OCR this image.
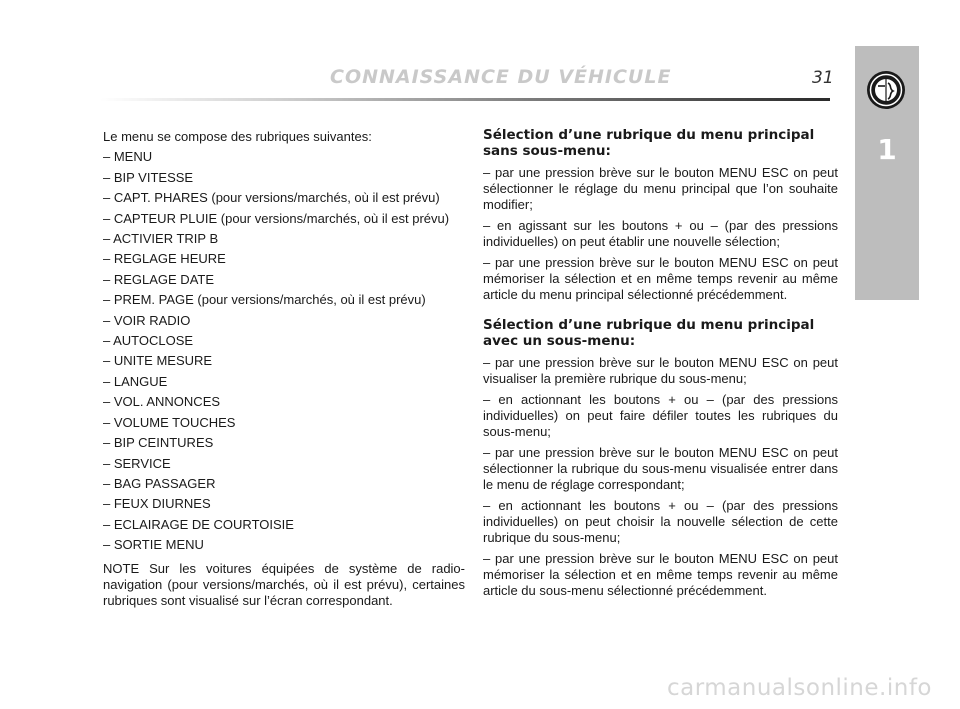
CONNAISSANCE DU VÉHICULE	31
1

Le menu se compose des rubriques suivantes:

– MENU

– BIP VITESSE

– CAPT. PHARES (pour versions/marchés, où il est prévu)

– CAPTEUR PLUIE (pour versions/marchés, où il est prévu)

– ACTIVIER TRIP B

– REGLAGE HEURE

– REGLAGE DATE

– PREM. PAGE (pour versions/marchés, où il est prévu)

– VOIR RADIO

– AUTOCLOSE

– UNITE MESURE

– LANGUE

– VOL. ANNONCES

– VOLUME TOUCHES

– BIP CEINTURES

– SERVICE

– BAG PASSAGER

– FEUX DIURNES

– ECLAIRAGE DE COURTOISIE

– SORTIE MENU

NOTE Sur les voitures équipées de système de radio-navigation (pour versions/marchés, où il est prévu), certaines rubriques sont visualisé sur l’écran correspondant.

Sélection d’une rubrique du menu principal sans sous-menu:

– par une pression brève sur le bouton MENU ESC on peut sélectionner le réglage du menu principal que l’on souhaite modifier;

– en agissant sur les boutons + ou – (par des pressions individuelles) on peut établir une nouvelle sélection;

– par une pression brève sur le bouton MENU ESC on peut mémoriser la sélection et en même temps revenir au même article du menu principal sélectionné précédemment.

Sélection d’une rubrique du menu principal avec un sous-menu:

– par une pression brève sur le bouton MENU ESC on peut visualiser la première rubrique du sous-menu;

– en actionnant les boutons + ou – (par des pressions individuelles) on peut faire défiler toutes les rubriques du sous-menu;

– par une pression brève sur le bouton MENU ESC on peut sélectionner la rubrique du sous-menu visualisée entrer dans le menu de réglage correspondant;

– en actionnant les boutons + ou – (par des pressions individuelles) on peut choisir la nouvelle sélection de cette rubrique du sous-menu;

– par une pression brève sur le bouton MENU ESC on peut mémoriser la sélection et en même temps revenir au même article du sous-menu sélectionné précédemment.

carmanualsonline.info
